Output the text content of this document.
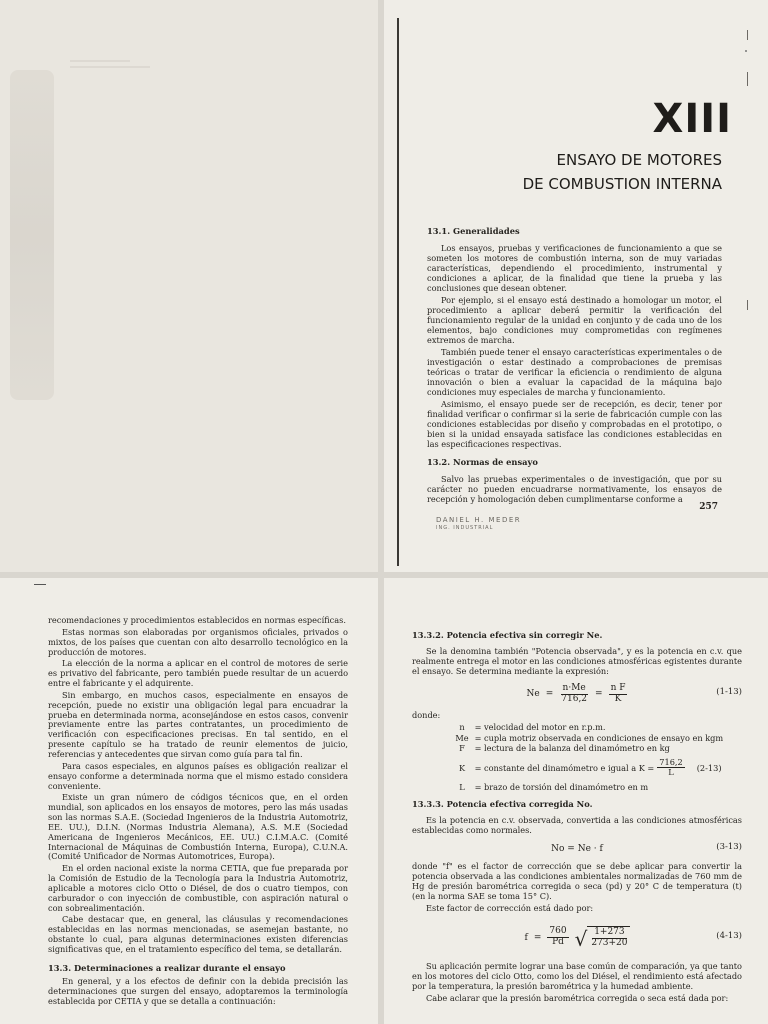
XIII
ENSAYO DE MOTORES
DE COMBUSTION INTERNA
13.1. Generalidades

Los ensayos, pruebas y verificaciones de funcionamiento a que se someten los motores de combustión interna, son de muy variadas características, dependiendo el procedimiento, instrumental y condiciones a aplicar, de la finalidad que tiene la prueba y las conclusiones que desean obtener.

Por ejemplo, si el ensayo está destinado a homologar un motor, el procedimiento a aplicar deberá permitir la verificación del funcionamiento regular de la unidad en conjunto y de cada uno de los elementos, bajo condiciones muy comprometidas con regímenes extremos de marcha.

También puede tener el ensayo características experimentales o de investigación o estar destinado a comprobaciones de premisas teóricas o tratar de verificar la eficiencia o rendimiento de alguna innovación o bien a evaluar la capacidad de la máquina bajo condiciones muy especiales de marcha y funcionamiento.

Asimismo, el ensayo puede ser de recepción, es decir, tener por finalidad verificar o confirmar si la serie de fabricación cumple con las condiciones establecidas por diseño y comprobadas en el prototipo, o bien si la unidad ensayada satisface las condiciones establecidas en las especificaciones respectivas.

13.2. Normas de ensayo

Salvo las pruebas experimentales o de investigación, que por su carácter no pueden encuadrarse normativamente, los ensayos de recepción y homologación deben cumplimentarse conforme a

257

DANIEL H. MEDER
ING. INDUSTRIAL

recomendaciones y procedimientos establecidos en normas específicas.

Estas normas son elaboradas por organismos oficiales, privados o mixtos, de los países que cuentan con alto desarrollo tecnológico en la producción de motores.

La elección de la norma a aplicar en el control de motores de serie es privativo del fabricante, pero también puede resultar de un acuerdo entre el fabricante y el adquirente.

Sin embargo, en muchos casos, especialmente en ensayos de recepción, puede no existir una obligación legal para encuadrar la prueba en determinada norma, aconsejándose en estos casos, convenir previamente entre las partes contratantes, un procedimiento de verificación con especificaciones precisas. En tal sentido, en el presente capítulo se ha tratado de reunir elementos de juicio, referencias y antecedentes que sirvan como guía para tal fin.

Para casos especiales, en algunos países es obligación realizar el ensayo conforme a determinada norma que el mismo estado considera conveniente.

Existe un gran número de códigos técnicos que, en el orden mundial, son aplicados en los ensayos de motores, pero las más usadas son las normas S.A.E. (Sociedad Ingenieros de la Industria Automotriz, EE. UU.), D.I.N. (Normas Industria Alemana), A.S. M.E (Sociedad Americana de Ingenieros Mecánicos, EE. UU.) C.I.M.A.C. (Comité Internacional de Máquinas de Combustión Interna, Europa), C.U.N.A. (Comité Unificador de Normas Automotrices, Europa).

En el orden nacional existe la norma CETIA, que fue preparada por la Comisión de Estudio de la Tecnología para la Industria Automotriz, aplicable a motores ciclo Otto o Diésel, de dos o cuatro tiempos, con carburador o con inyección de combustible, con aspiración natural o con sobrealimentación.

Cabe destacar que, en general, las cláusulas y recomendaciones establecidas en las normas mencionadas, se asemejan bastante, no obstante lo cual, para algunas determinaciones existen diferencias significativas que, en el tratamiento específico del tema, se detallarán.

13.3. Determinaciones a realizar durante el ensayo

En general, y a los efectos de definir con la debida precisión las determinaciones que surgen del ensayo, adoptaremos la terminología establecida por CETIA y que se detalla a continuación:

13.3.2. Potencia efectiva sin corregir Ne.

Se la denomina también "Potencia observada", y es la potencia en c.v. que realmente entrega el motor en las condiciones atmosféricas egistentes durante el ensayo. Se determina mediante la expresión:

$Ne = \frac{n\cdot Me}{716,2} = \frac{\text{n F}}{K}$	(1-13)

donde:

n	= velocidad del motor en r.p.m.
Me = cupla motriz observada en condiciones de ensayo en kgm
F	= lectura de la balanza del dinamómetro en kg
K	= constante del dinamómetro e igual a $K = \frac{716,2}{L} (2-13)$
L	= brazo de torsión del dinamómetro en m
13.3.3. Potencia efectiva corregida No.

Es la potencia en c.v. observada, convertida a las condiciones atmosféricas establecidas como normales.

No = Ne · f	(3-13)

donde "f" es el factor de corrección que se debe aplicar para convertir la potencia observada a las condiciones ambientales normalizadas de 760 mm de Hg de presión barométrica corregida o seca (pd) y 20° C de temperatura (t) (en la norma SAE se toma 15° C).

Este factor de corrección está dado por:

$f = \frac{760}{Pd}$ √ $\frac{1+273}{273+20}$	(4-13)

Su aplicación permite lograr una base común de comparación, ya que tanto en los motores del ciclo Otto, como los del Diésel, el rendimiento está afectado por la temperatura, la presión barométrica y la humedad ambiente.

Cabe aclarar que la presión barométrica corregida o seca está dada por:
